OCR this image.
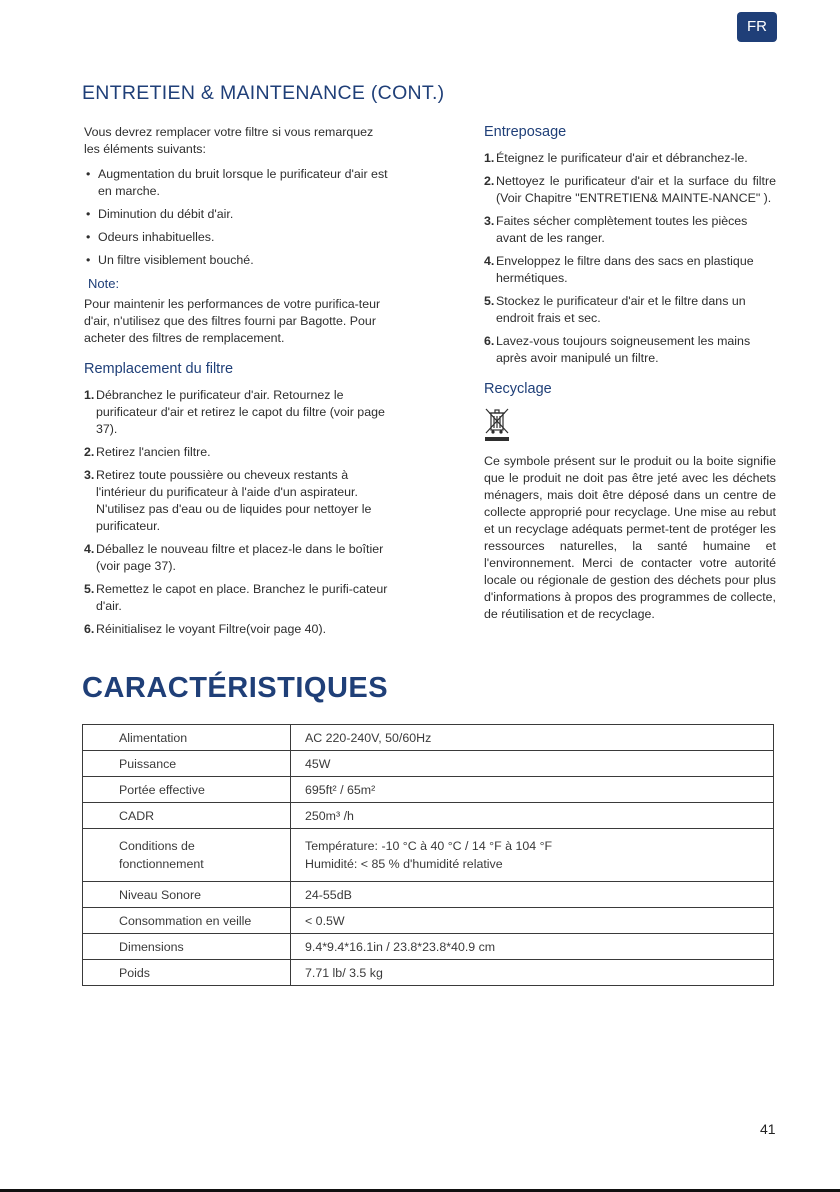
FR
ENTRETIEN & MAINTENANCE (CONT.)

Vous devrez remplacer votre filtre si vous remarquez les éléments suivants:

• Augmentation du bruit lorsque le purificateur d'air est en marche.
• Diminution du débit d'air.
• Odeurs inhabituelles.
• Un filtre visiblement bouché.
Note:

Pour maintenir les performances de votre purifica-teur d'air, n'utilisez que des filtres fourni par Bagotte. Pour acheter des filtres de remplacement.

Remplacement du filtre
1. Débranchez le purificateur d'air. Retournez le purificateur d'air et retirez le capot du filtre (voir page 37).
2. Retirez l'ancien filtre.
3. Retirez toute poussière ou cheveux restants à l'intérieur du purificateur à l'aide d'un aspirateur. N'utilisez pas d'eau ou de liquides pour nettoyer le purificateur.
4. Déballez le nouveau filtre et placez-le dans le boîtier (voir page 37).
5. Remettez le capot en place. Branchez le purifi-cateur d'air.
6. Réinitialisez le voyant Filtre(voir page 40).
Entreposage
1. Éteignez le purificateur d'air et débranchez-le.
2. Nettoyez le purificateur d'air et la surface du filtre (Voir Chapitre "ENTRETIEN& MAINTE-NANCE" ).
3. Faites sécher complètement toutes les pièces avant de les ranger.
4. Enveloppez le filtre dans des sacs en plastique hermétiques.
5. Stockez le purificateur d'air et le filtre dans un endroit frais et sec.
6. Lavez-vous toujours soigneusement les mains après avoir manipulé un filtre.
Recyclage

Ce symbole présent sur le produit ou la boite signifie que le produit ne doit pas être jeté avec les déchets ménagers, mais doit être déposé dans un centre de collecte approprié pour recyclage. Une mise au rebut et un recyclage adéquats permet-tent de protéger les ressources naturelles, la santé humaine et l'environnement. Merci de contacter votre autorité locale ou régionale de gestion des déchets pour plus d'informations à propos des programmes de collecte, de réutilisation et de recyclage.

CARACTÉRISTIQUES
Alimentation	AC 220-240V, 50/60Hz
Puissance	45W
Portée effective	695ft² / 65m²
CADR	250m³ /h
Conditions de
fonctionnement	Température: -10 °C à 40 °C / 14 °F à 104 °F
Humidité: < 85 % d'humidité relative

Niveau Sonore	24-55dB
Consommation en veille	< 0.5W
Dimensions	9.4*9.4*16.1in / 23.8*23.8*40.9 cm
Poids	7.71 lb/ 3.5 kg
41
